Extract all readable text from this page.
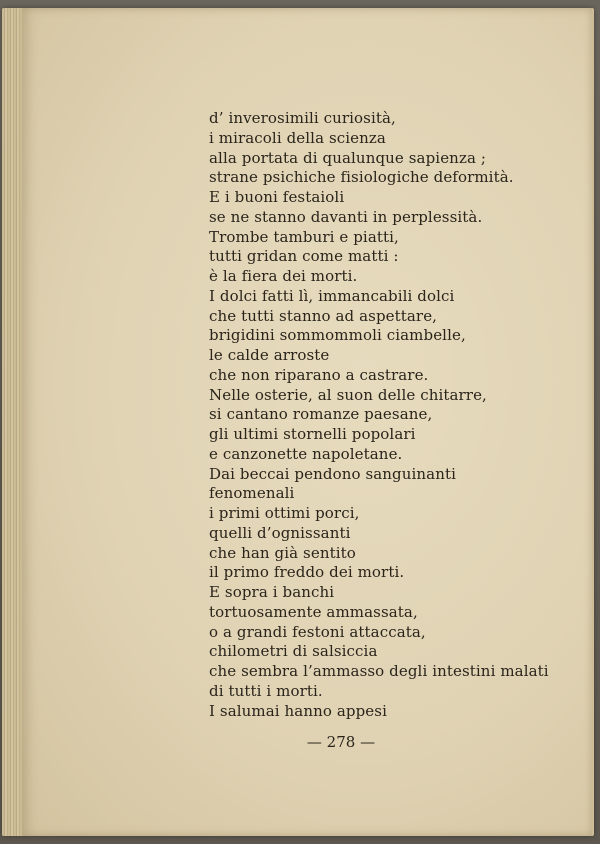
d’ inverosimili curiosità,
i miracoli della scienza
alla portata di qualunque sapienza ;
strane psichiche fisiologiche deformità.
E i buoni festaioli
se ne stanno davanti in perplessità.
Trombe tamburi e piatti,
tutti gridan come matti :
è la fiera dei morti.
I dolci fatti lì, immancabili dolci
che tutti stanno ad aspettare,
brigidini sommommoli ciambelle,
le calde arroste
che non riparano a castrare.
Nelle osterie, al suon delle chitarre,
si cantano romanze paesane,
gli ultimi stornelli popolari
e canzonette napoletane.
Dai beccai pendono sanguinanti
fenomenali
i primi ottimi porci,
quelli d’ognissanti
che han già sentito
il primo freddo dei morti.
E sopra i banchi
tortuosamente ammassata,
o a grandi festoni attaccata,
chilometri di salsiccia
che sembra l’ammasso degli intestini malati
di tutti i morti.
I salumai hanno appesi
— 278 —
